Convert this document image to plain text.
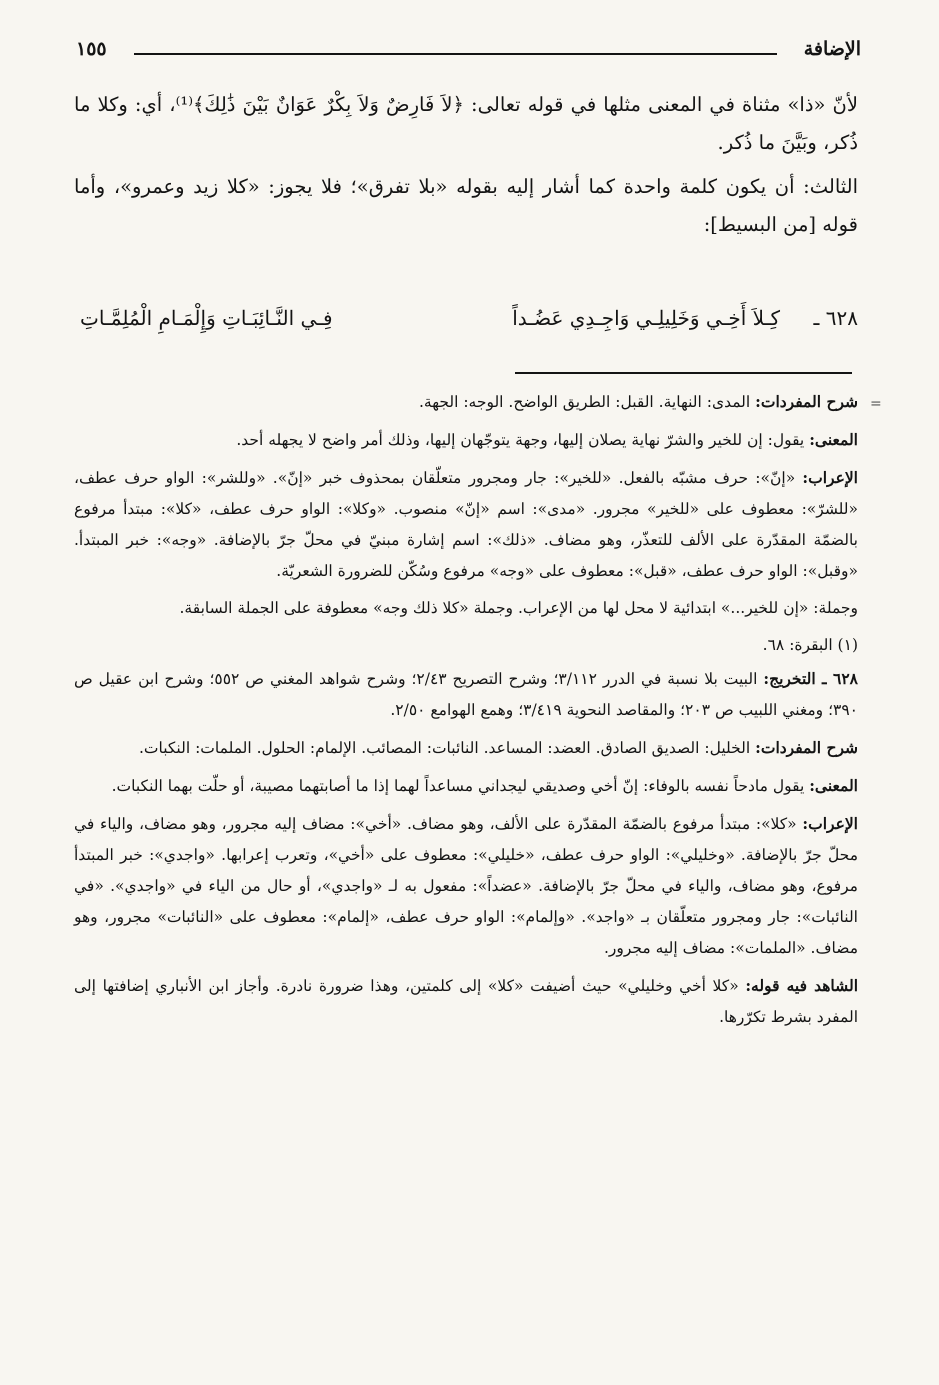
الإضافة
١٥٥

لأنّ «ذا» مثناة في المعنى مثلها في قوله تعالى: ﴿لاَ فَارِضٌ وَلاَ بِكْرٌ عَوَانٌ بَيْنَ ذَٰلِكَ﴾⁽¹⁾، أي: وكلا ما ذُكر، وبَيَّنَ ما ذُكر.

الثالث: أن يكون كلمة واحدة كما أشار إليه بقوله «بلا تفرق»؛ فلا يجوز: «كلا زيد وعمرو»، وأما قوله [من البسيط]:

٦٢٨ ـ
كِـلاَ أَخِـي وَخَلِيلِـي وَاجِـدِي عَضُـداً
فِـي النَّـائِبَـاتِ وَإِلْمَـامِ الْمُلِمَّـاتِ
=

شرح المفردات: المدى: النهاية. القبل: الطريق الواضح. الوجه: الجهة.

المعنى: يقول: إن للخير والشرّ نهاية يصلان إليها، وجهة يتوجّهان إليها، وذلك أمر واضح لا يجهله أحد.

الإعراب: «إنّ»: حرف مشبّه بالفعل. «للخير»: جار ومجرور متعلّقان بمحذوف خبر «إنّ». «وللشر»: الواو حرف عطف، «للشرّ»: معطوف على «للخير» مجرور. «مدى»: اسم «إنّ» منصوب. «وكلا»: الواو حرف عطف، «كلا»: مبتدأ مرفوع بالضمّة المقدّرة على الألف للتعذّر، وهو مضاف. «ذلك»: اسم إشارة مبنيّ في محلّ جرّ بالإضافة. «وجه»: خبر المبتدأ. «وقبل»: الواو حرف عطف، «قبل»: معطوف على «وجه» مرفوع وسُكّن للضرورة الشعريّة.

وجملة: «إن للخير...» ابتدائية لا محل لها من الإعراب. وجملة «كلا ذلك وجه» معطوفة على الجملة السابقة.

(١) البقرة: ٦٨.

٦٢٨ ـ التخريج: البيت بلا نسبة في الدرر ٣/١١٢؛ وشرح التصريح ٢/٤٣؛ وشرح شواهد المغني ص ٥٥٢؛ وشرح ابن عقيل ص ٣٩٠؛ ومغني اللبيب ص ٢٠٣؛ والمقاصد النحوية ٣/٤١٩؛ وهمع الهوامع ٢/٥٠.

شرح المفردات: الخليل: الصديق الصادق. العضد: المساعد. النائبات: المصائب. الإلمام: الحلول. الملمات: النكبات.

المعنى: يقول مادحاً نفسه بالوفاء: إنّ أخي وصديقي ليجداني مساعداً لهما إذا ما أصابتهما مصيبة، أو حلّت بهما النكبات.

الإعراب: «كلا»: مبتدأ مرفوع بالضمّة المقدّرة على الألف، وهو مضاف. «أخي»: مضاف إليه مجرور، وهو مضاف، والياء في محلّ جرّ بالإضافة. «وخليلي»: الواو حرف عطف، «خليلي»: معطوف على «أخي»، وتعرب إعرابها. «واجدي»: خبر المبتدأ مرفوع، وهو مضاف، والياء في محلّ جرّ بالإضافة. «عضداً»: مفعول به لـ «واجدي»، أو حال من الياء في «واجدي». «في النائبات»: جار ومجرور متعلّقان بـ «واجد». «وإلمام»: الواو حرف عطف، «إلمام»: معطوف على «النائبات» مجرور، وهو مضاف. «الملمات»: مضاف إليه مجرور.

الشاهد فيه قوله: «كلا أخي وخليلي» حيث أضيفت «كلا» إلى كلمتين، وهذا ضرورة نادرة. وأجاز ابن الأنباري إضافتها إلى المفرد بشرط تكرّرها.
